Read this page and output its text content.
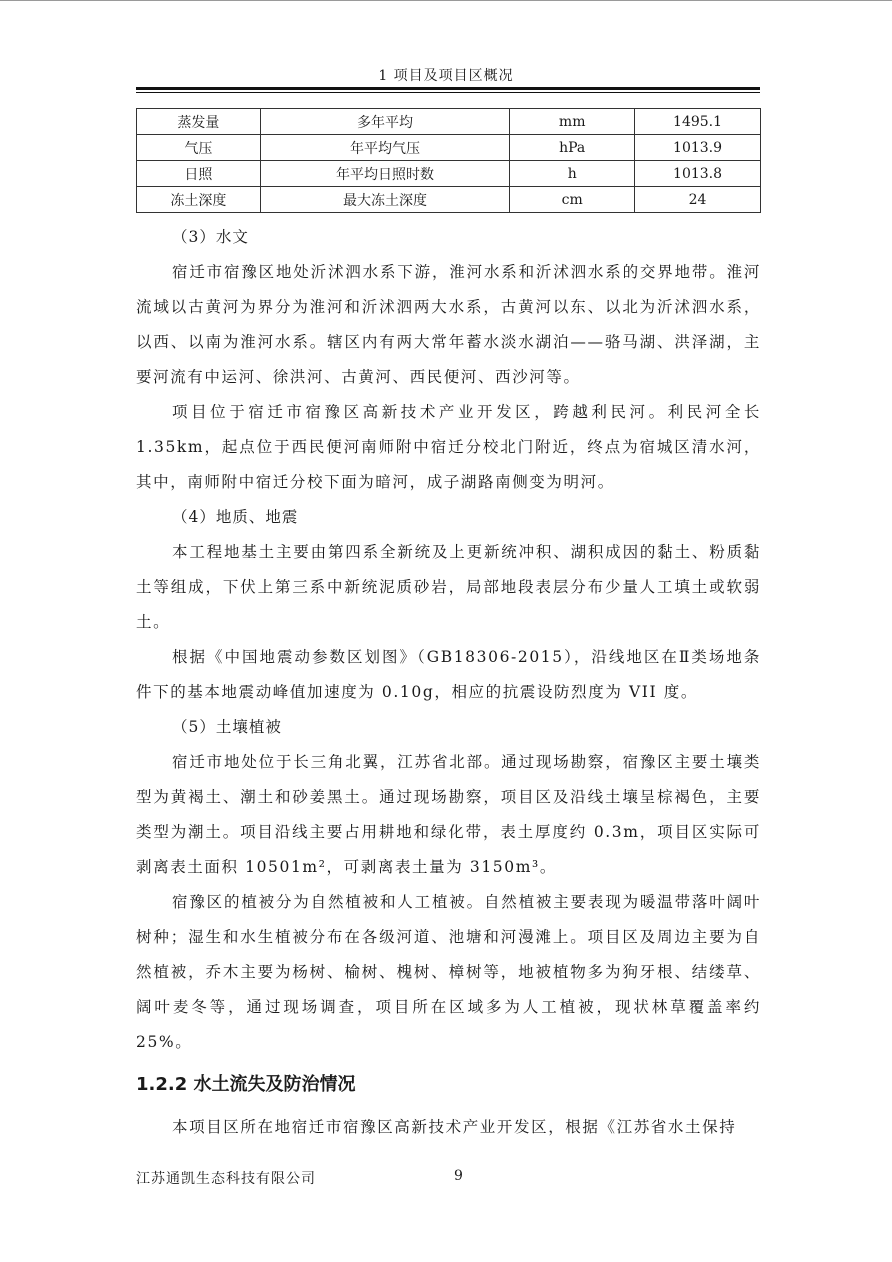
1 项目及项目区概况
蒸发量	多年平均	mm	1495.1
气压	年平均气压	hPa	1013.9
日照	年平均日照时数	h	1013.8
冻土深度	最大冻土深度	cm	24

（3）水文

宿迁市宿豫区地处沂沭泗水系下游，淮河水系和沂沭泗水系的交界地带。淮河流域以古黄河为界分为淮河和沂沭泗两大水系，古黄河以东、以北为沂沭泗水系，以西、以南为淮河水系。辖区内有两大常年蓄水淡水湖泊——骆马湖、洪泽湖，主要河流有中运河、徐洪河、古黄河、西民便河、西沙河等。

项目位于宿迁市宿豫区高新技术产业开发区，跨越利民河。利民河全长 1.35km，起点位于西民便河南师附中宿迁分校北门附近，终点为宿城区清水河，其中，南师附中宿迁分校下面为暗河，成子湖路南侧变为明河。

（4）地质、地震

本工程地基土主要由第四系全新统及上更新统冲积、湖积成因的黏土、粉质黏土等组成，下伏上第三系中新统泥质砂岩，局部地段表层分布少量人工填土或软弱土。

根据《中国地震动参数区划图》（GB18306-2015），沿线地区在Ⅱ类场地条件下的基本地震动峰值加速度为 0.10g，相应的抗震设防烈度为 VII 度。

（5）土壤植被

宿迁市地处位于长三角北翼，江苏省北部。通过现场勘察，宿豫区主要土壤类型为黄褐土、潮土和砂姜黑土。通过现场勘察，项目区及沿线土壤呈棕褐色，主要类型为潮土。项目沿线主要占用耕地和绿化带，表土厚度约 0.3m，项目区实际可剥离表土面积 10501m²，可剥离表土量为 3150m³。

宿豫区的植被分为自然植被和人工植被。自然植被主要表现为暖温带落叶阔叶树种；湿生和水生植被分布在各级河道、池塘和河漫滩上。项目区及周边主要为自然植被，乔木主要为杨树、榆树、槐树、樟树等，地被植物多为狗牙根、结缕草、阔叶麦冬等，通过现场调查，项目所在区域多为人工植被，现状林草覆盖率约 25%。

1.2.2 水土流失及防治情况

本项目区所在地宿迁市宿豫区高新技术产业开发区，根据《江苏省水土保持

江苏通凯生态科技有限公司	9
